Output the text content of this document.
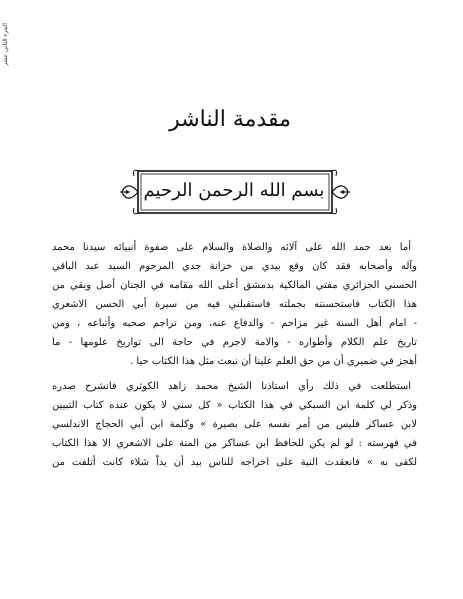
الجزء الثاني عشر
مقدمة الناشر
بسم الله الرحمن الرحيم
أما بعد حمد الله على آلائه والصلاة والسلام على صفوة أنبيائه سيدنا محمد
وآله وأصحابه فقد كان وقع بيدي من خزانة جدي المرحوم السيد عبد الباقي
الحسني الجزائري مفتي المالكية بدمشق أعلى الله مقامه في الجنان أصل وبقي من
هذا الكتاب فاستحسنته بجملته فاستقبلني فيه من سيرة أبي الحسن الاشعري
- امام أهل السنة غير مزاحم - والدفاع عنه، ومن تراجم صحبه وأتباعه ، ومن
تاريخ علم الكلام وأطواره - والامة لاجرم في حاجة الى تواريخ علومها - ما
أهجز في ضميري أن من حق العلم علينا أن نبعث مثل هذا الكتاب حيا .
استطلعت في ذلك رأي استاذنا الشيخ محمد زاهد الكوثري فانشرح صدره
وذكر لي كلمة ابن السبكي في هذا الكتاب « كل سني لا يكون عنده كتاب التبيين
لابن عساكر فليس من أمر نفسه على بصيرة » وكلمة ابن أبي الحجاج الاندلسي
في فهرسته : لو لم يكن للحافظ ابن عساكر من المنة على الاشعري الا هذا الكتاب
لكفى به » فانعقدت النية على اخراجه للناس بيد أن يداً شلاء كانت أتلفت من
